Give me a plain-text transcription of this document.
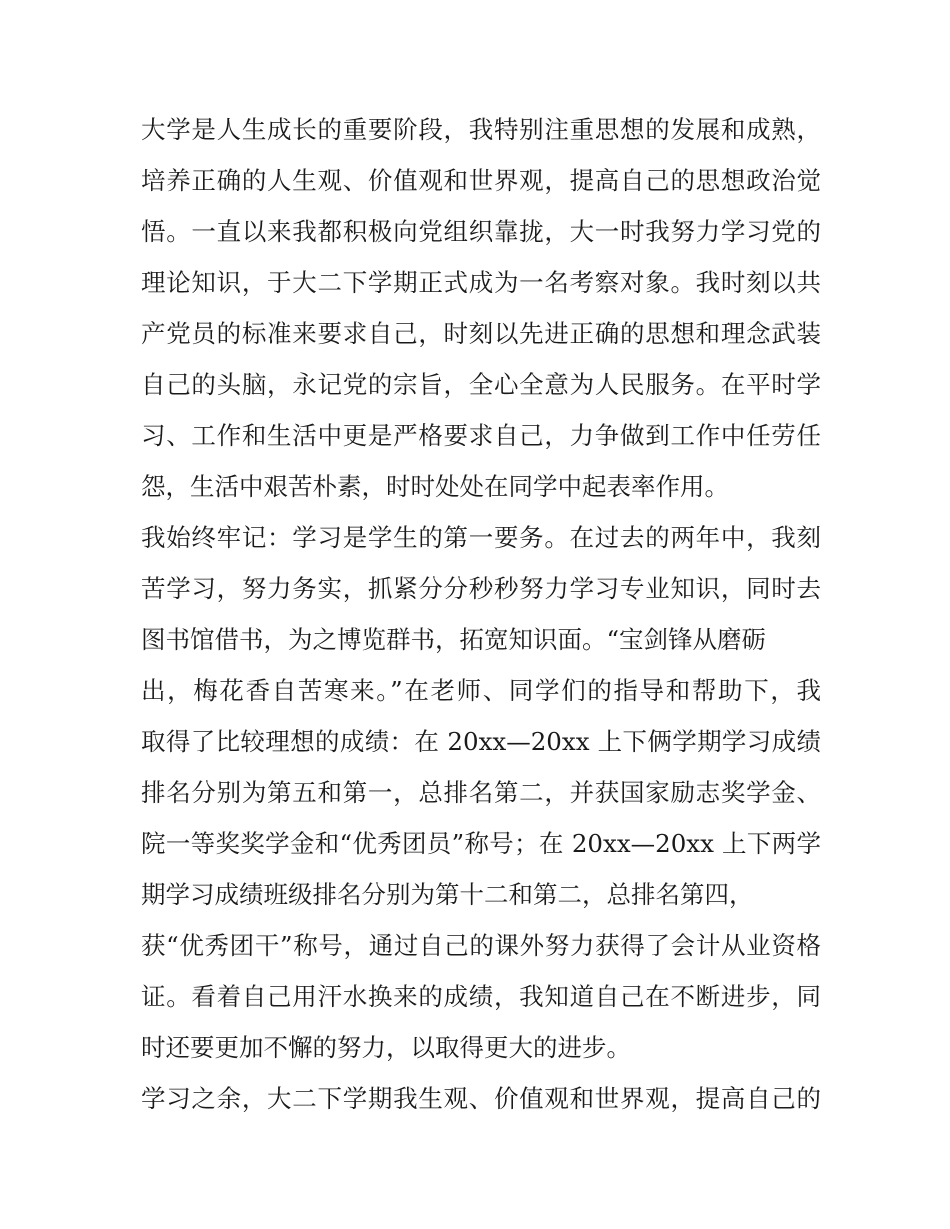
大学是人生成长的重要阶段，我特别注重思想的发展和成熟，
培养正确的人生观、价值观和世界观，提高自己的思想政治觉
悟。一直以来我都积极向党组织靠拢，大一时我努力学习党的
理论知识，于大二下学期正式成为一名考察对象。我时刻以共
产党员的标准来要求自己，时刻以先进正确的思想和理念武装
自己的头脑，永记党的宗旨，全心全意为人民服务。在平时学
习、工作和生活中更是严格要求自己，力争做到工作中任劳任
怨，生活中艰苦朴素，时时处处在同学中起表率作用。
我始终牢记：学习是学生的第一要务。在过去的两年中，我刻
苦学习，努力务实，抓紧分分秒秒努力学习专业知识，同时去
图书馆借书，为之博览群书，拓宽知识面。“宝剑锋从磨砺
出，梅花香自苦寒来。”在老师、同学们的指导和帮助下，我
取得了比较理想的成绩：在 20xx—20xx 上下俩学期学习成绩
排名分别为第五和第一，总排名第二，并获国家励志奖学金、
院一等奖奖学金和“优秀团员”称号；在 20xx—20xx 上下两学
期学习成绩班级排名分别为第十二和第二，总排名第四，
获“优秀团干”称号，通过自己的课外努力获得了会计从业资格
证。看着自己用汗水换来的成绩，我知道自己在不断进步，同
时还要更加不懈的努力，以取得更大的进步。
学习之余，大二下学期我生观、价值观和世界观，提高自己的
